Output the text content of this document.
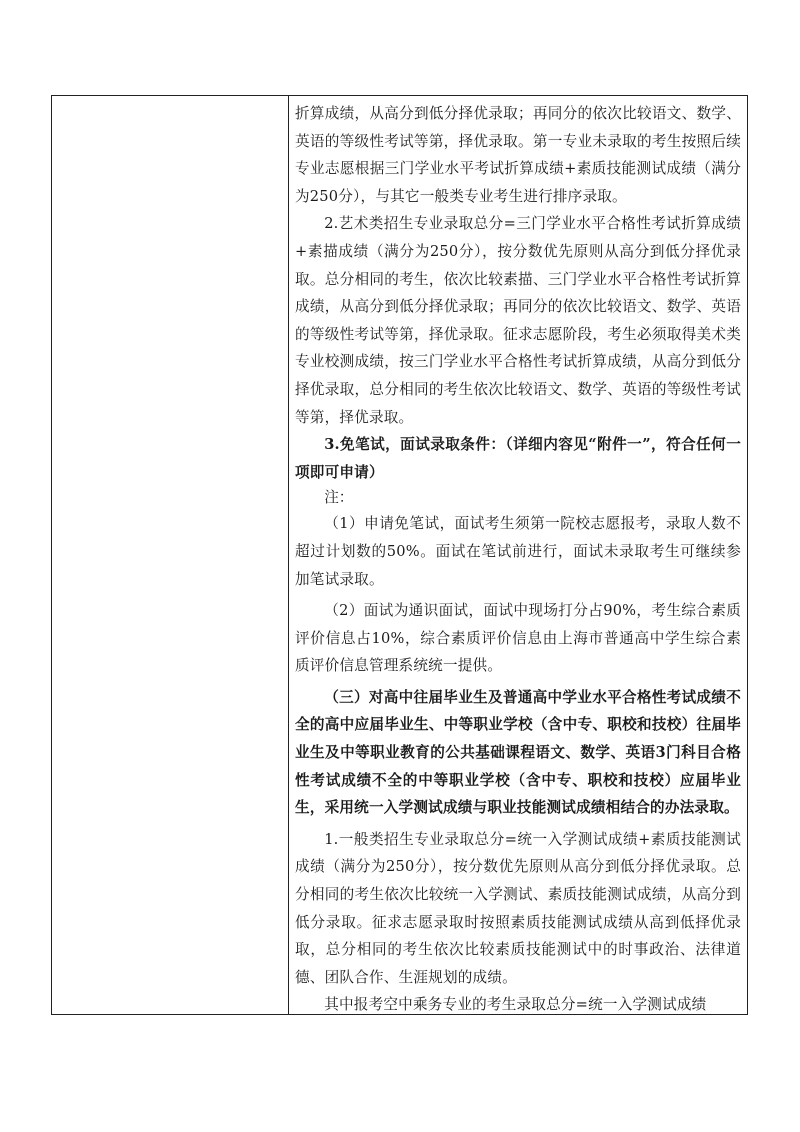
折算成绩，从高分到低分择优录取；再同分的依次比较语文、数学、英语的等级性考试等第，择优录取。第一专业未录取的考生按照后续专业志愿根据三门学业水平考试折算成绩+素质技能测试成绩（满分为250分），与其它一般类专业考生进行排序录取。

2.艺术类招生专业录取总分=三门学业水平合格性考试折算成绩+素描成绩（满分为250分），按分数优先原则从高分到低分择优录取。总分相同的考生，依次比较素描、三门学业水平合格性考试折算成绩，从高分到低分择优录取；再同分的依次比较语文、数学、英语的等级性考试等第，择优录取。征求志愿阶段，考生必须取得美术类专业校测成绩，按三门学业水平合格性考试折算成绩，从高分到低分择优录取，总分相同的考生依次比较语文、数学、英语的等级性考试等第，择优录取。

3.免笔试，面试录取条件：（详细内容见“附件一”，符合任何一项即可申请）

注：

（1）申请免笔试，面试考生须第一院校志愿报考，录取人数不超过计划数的50%。面试在笔试前进行，面试未录取考生可继续参加笔试录取。

（2）面试为通识面试，面试中现场打分占90%，考生综合素质评价信息占10%，综合素质评价信息由上海市普通高中学生综合素质评价信息管理系统统一提供。

（三）对高中往届毕业生及普通高中学业水平合格性考试成绩不全的高中应届毕业生、中等职业学校（含中专、职校和技校）往届毕业生及中等职业教育的公共基础课程语文、数学、英语3门科目合格性考试成绩不全的中等职业学校（含中专、职校和技校）应届毕业生，采用统一入学测试成绩与职业技能测试成绩相结合的办法录取。

1.一般类招生专业录取总分=统一入学测试成绩+素质技能测试成绩（满分为250分），按分数优先原则从高分到低分择优录取。总分相同的考生依次比较统一入学测试、素质技能测试成绩，从高分到低分录取。征求志愿录取时按照素质技能测试成绩从高到低择优录取，总分相同的考生依次比较素质技能测试中的时事政治、法律道德、团队合作、生涯规划的成绩。

其中报考空中乘务专业的考生录取总分=统一入学测试成绩
